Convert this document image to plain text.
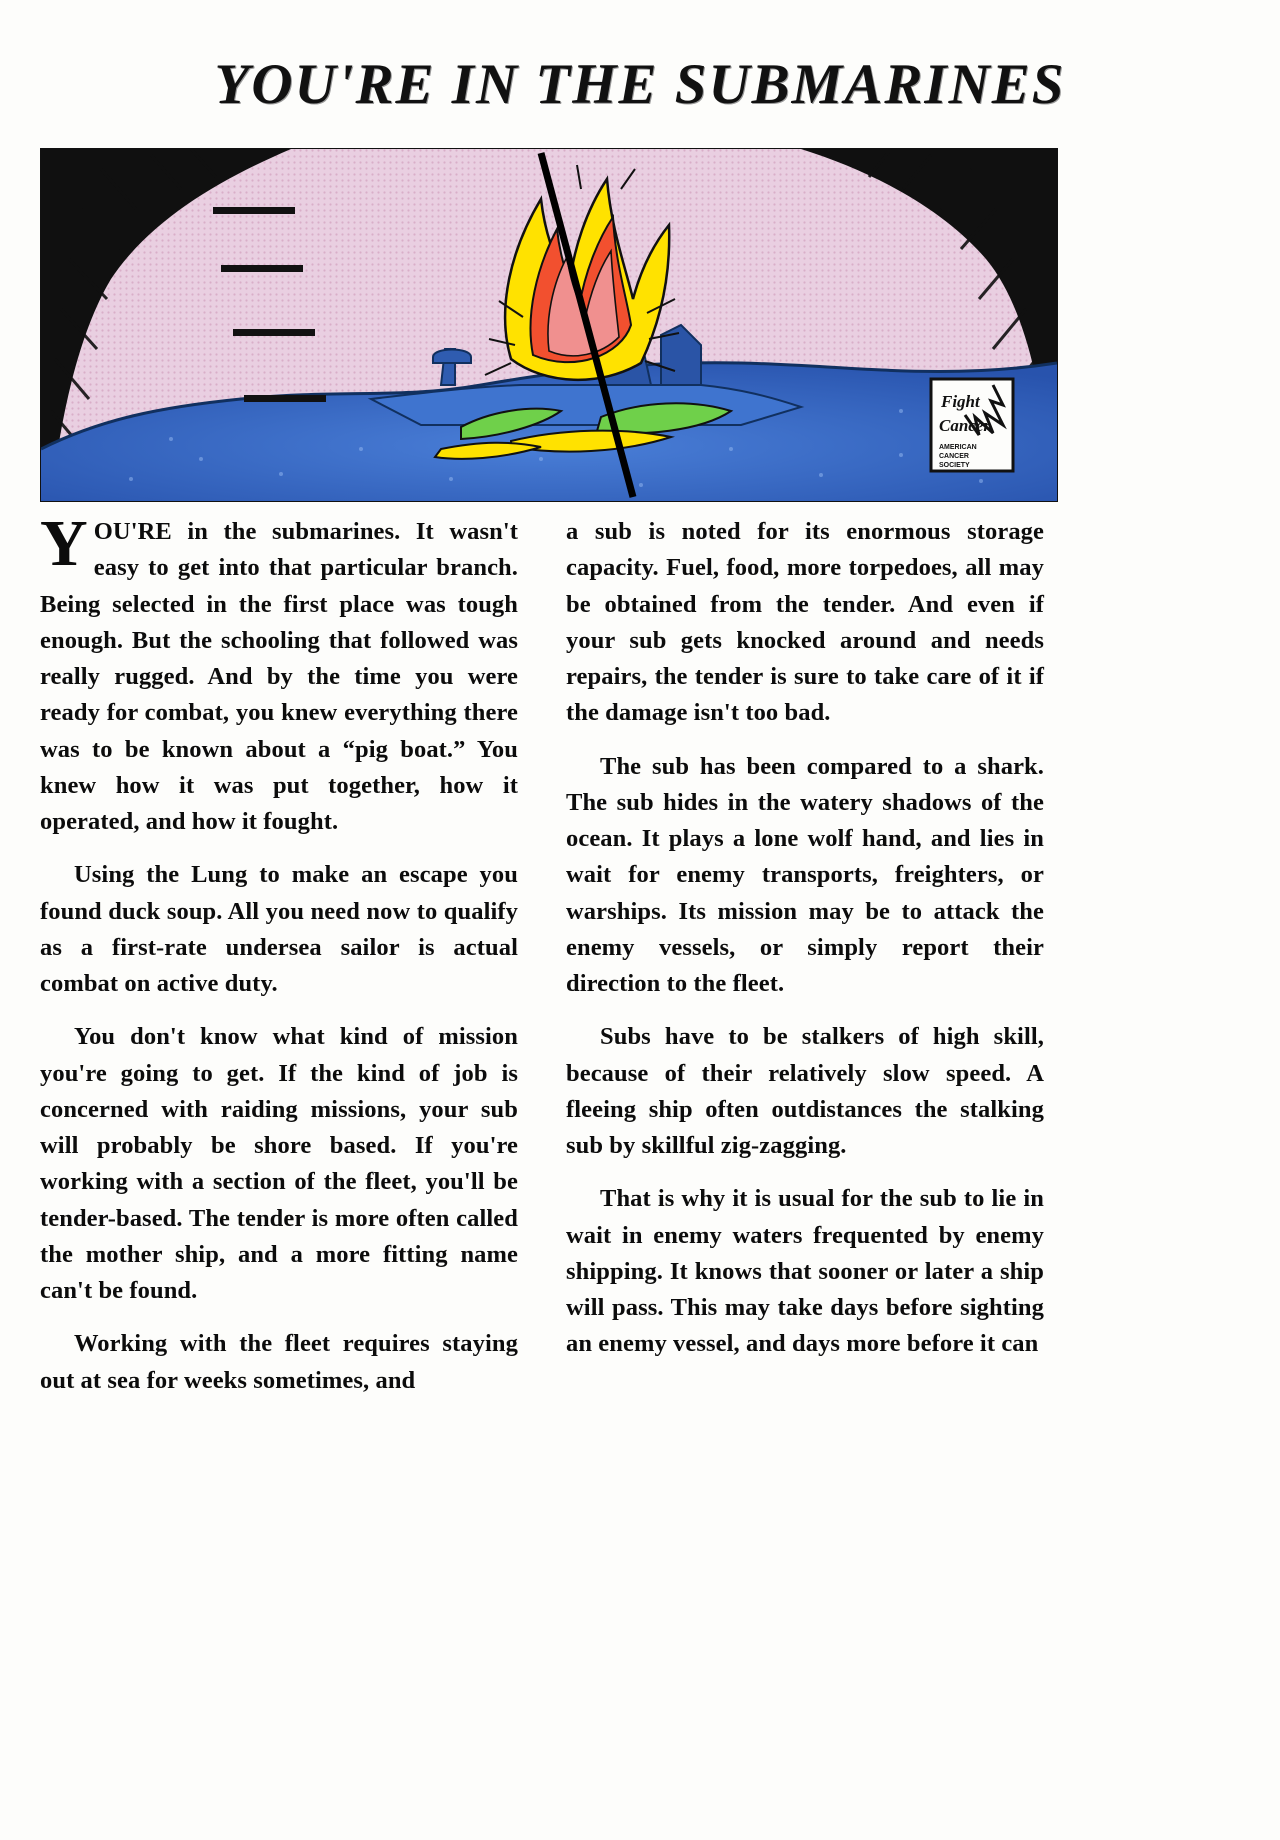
YOU'RE IN THE SUBMARINES
Fight
Cancer
AMERICAN
CANCER
SOCIETY

YOU'RE in the submarines. It wasn't easy to get into that particular branch. Being selected in the first place was tough enough. But the schooling that followed was really rugged. And by the time you were ready for combat, you knew everything there was to be known about a “pig boat.” You knew how it was put together, how it operated, and how it fought.

Using the Lung to make an escape you found duck soup. All you need now to qualify as a first-rate undersea sailor is actual combat on active duty.

You don't know what kind of mission you're going to get. If the kind of job is concerned with raiding missions, your sub will probably be shore based. If you're working with a section of the fleet, you'll be tender-based. The tender is more often called the mother ship, and a more fitting name can't be found.

Working with the fleet requires staying out at sea for weeks sometimes, and

a sub is noted for its enormous storage capacity. Fuel, food, more torpedoes, all may be obtained from the tender. And even if your sub gets knocked around and needs repairs, the tender is sure to take care of it if the damage isn't too bad.

The sub has been compared to a shark. The sub hides in the watery shadows of the ocean. It plays a lone wolf hand, and lies in wait for enemy transports, freighters, or warships. Its mission may be to attack the enemy vessels, or simply report their direction to the fleet.

Subs have to be stalkers of high skill, because of their relatively slow speed. A fleeing ship often outdistances the stalking sub by skillful zig-zagging.

That is why it is usual for the sub to lie in wait in enemy waters frequented by enemy shipping. It knows that sooner or later a ship will pass. This may take days before sighting an enemy vessel, and days more before it can
